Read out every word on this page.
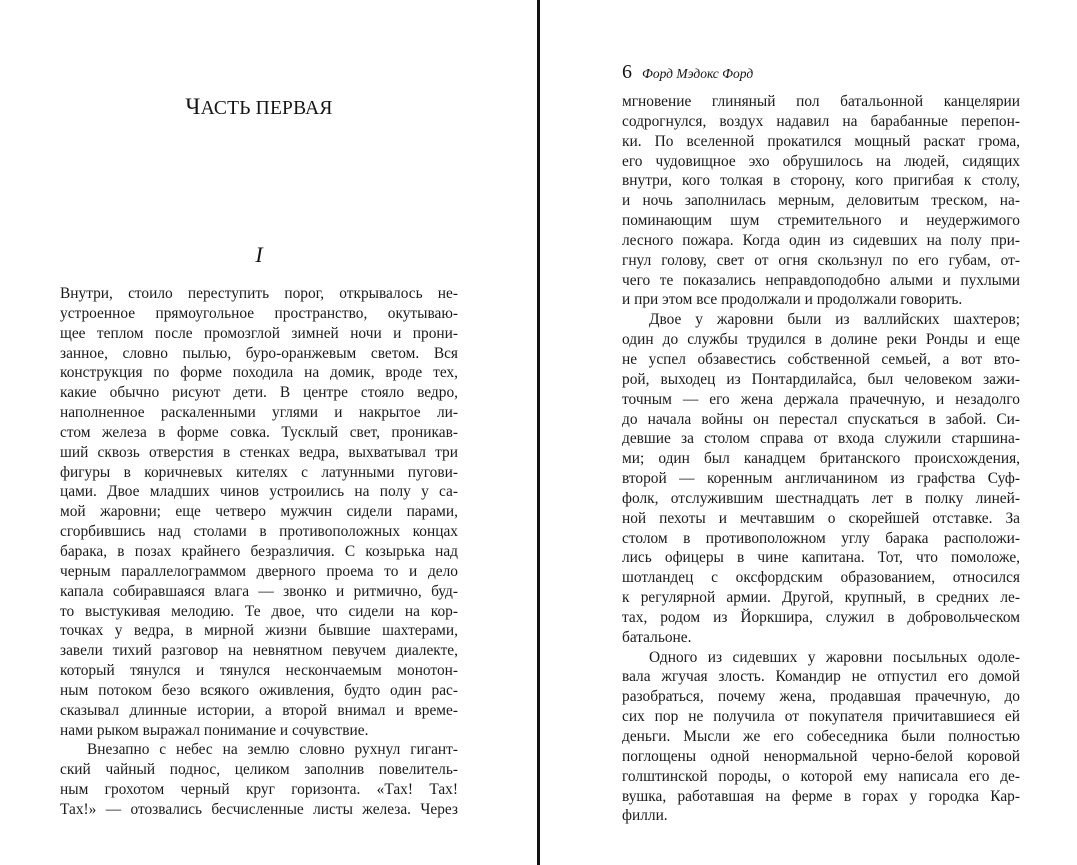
ЧАСТЬ ПЕРВАЯ
I
Внутри, стоило переступить порог, открывалось не-
устроенное прямоугольное пространство, окутываю-
щее теплом после промозглой зимней ночи и прони-
занное, словно пылью, буро-оранжевым светом. Вся
конструкция по форме походила на домик, вроде тех,
какие обычно рисуют дети. В центре стояло ведро,
наполненное раскаленными углями и накрытое ли-
стом железа в форме совка. Тусклый свет, проникав-
ший сквозь отверстия в стенках ведра, выхватывал три
фигуры в коричневых кителях с латунными пугови-
цами. Двое младших чинов устроились на полу у са-
мой жаровни; еще четверо мужчин сидели парами,
сгорбившись над столами в противоположных концах
барака, в позах крайнего безразличия. С козырька над
черным параллелограммом дверного проема то и дело
капала собиравшаяся влага — звонко и ритмично, буд-
то выстукивая мелодию. Те двое, что сидели на кор-
точках у ведра, в мирной жизни бывшие шахтерами,
завели тихий разговор на невнятном певучем диалекте,
который тянулся и тянулся нескончаемым монотон-
ным потоком безо всякого оживления, будто один рас-
сказывал длинные истории, а второй внимал и време-
нами рыком выражал понимание и сочувствие.
Внезапно с небес на землю словно рухнул гигант-
ский чайный поднос, целиком заполнив повелитель-
ным грохотом черный круг горизонта. «Тах! Тах!
Тах!» — отозвались бесчисленные листы железа. Через
6 Форд Мэдокс Форд
мгновение глиняный пол батальонной канцелярии
содрогнулся, воздух надавил на барабанные перепон-
ки. По вселенной прокатился мощный раскат грома,
его чудовищное эхо обрушилось на людей, сидящих
внутри, кого толкая в сторону, кого пригибая к столу,
и ночь заполнилась мерным, деловитым треском, на-
поминающим шум стремительного и неудержимого
лесного пожара. Когда один из сидевших на полу при-
гнул голову, свет от огня скользнул по его губам, от-
чего те показались неправдоподобно алыми и пухлыми
и при этом все продолжали и продолжали говорить.
Двое у жаровни были из валлийских шахтеров;
один до службы трудился в долине реки Ронды и еще
не успел обзавестись собственной семьей, а вот вто-
рой, выходец из Понтардилайса, был человеком зажи-
точным — его жена держала прачечную, и незадолго
до начала войны он перестал спускаться в забой. Си-
девшие за столом справа от входа служили старшина-
ми; один был канадцем британского происхождения,
второй — коренным англичанином из графства Суф-
фолк, отслужившим шестнадцать лет в полку линей-
ной пехоты и мечтавшим о скорейшей отставке. За
столом в противоположном углу барака расположи-
лись офицеры в чине капитана. Тот, что помоложе,
шотландец с оксфордским образованием, относился
к регулярной армии. Другой, крупный, в средних ле-
тах, родом из Йоркшира, служил в добровольческом
батальоне.
Одного из сидевших у жаровни посыльных одоле-
вала жгучая злость. Командир не отпустил его домой
разобраться, почему жена, продавшая прачечную, до
сих пор не получила от покупателя причитавшиеся ей
деньги. Мысли же его собеседника были полностью
поглощены одной ненормальной черно-белой коровой
голштинской породы, о которой ему написала его де-
вушка, работавшая на ферме в горах у городка Кар-
филли.
